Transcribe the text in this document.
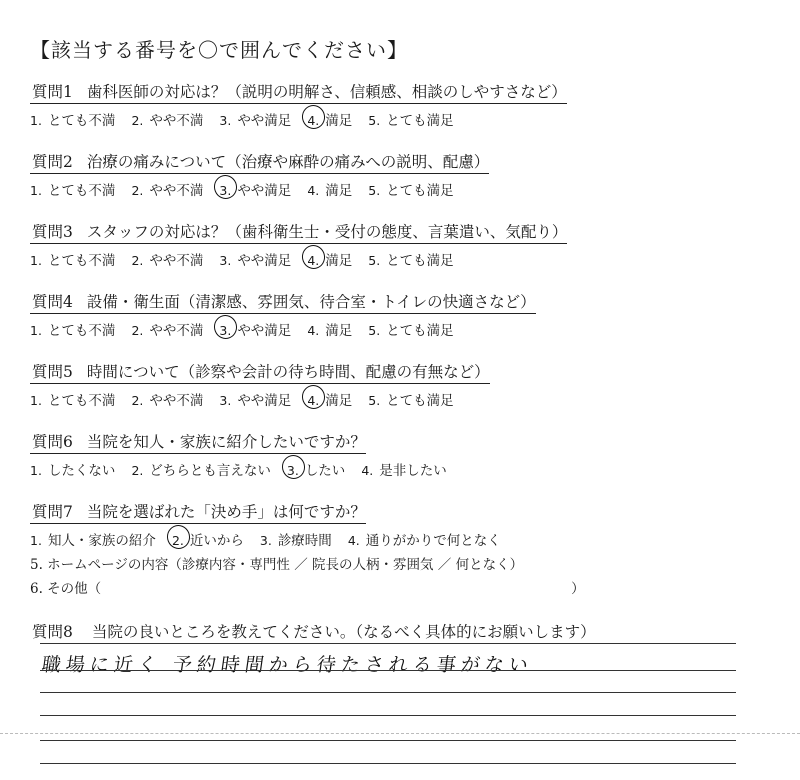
【該当する番号を〇で囲んでください】
質問1 歯科医師の対応は？（説明の明解さ、信頼感、相談のしやすさなど）
1. とても不満 2. やや不満 3. やや満足 4. 満足 5. とても満足
質問2 治療の痛みについて（治療や麻酔の痛みへの説明、配慮）
1. とても不満 2. やや不満 3. やや満足 4. 満足 5. とても満足
質問3 スタッフの対応は？（歯科衛生士・受付の態度、言葉遣い、気配り）
1. とても不満 2. やや不満 3. やや満足 4. 満足 5. とても満足
質問4 設備・衛生面（清潔感、雰囲気、待合室・トイレの快適さなど）
1. とても不満 2. やや不満 3. やや満足 4. 満足 5. とても満足
質問5 時間について（診察や会計の待ち時間、配慮の有無など）
1. とても不満 2. やや不満 3. やや満足 4. 満足 5. とても満足
質問6 当院を知人・家族に紹介したいですか？
1. したくない 2. どちらとも言えない 3. したい 4. 是非したい
質問7 当院を選ばれた「決め手」は何ですか？
1. 知人・家族の紹介 2. 近いから 3. 診療時間 4. 通りがかりで何となく
5. ホームページの内容（診療内容・専門性 ／ 院長の人柄・雰囲気 ／ 何となく）
6. その他（	）
質問8 当院の良いところを教えてください。（なるべく具体的にお願いします）
職場に近く 予約時間から待たされる事がない
